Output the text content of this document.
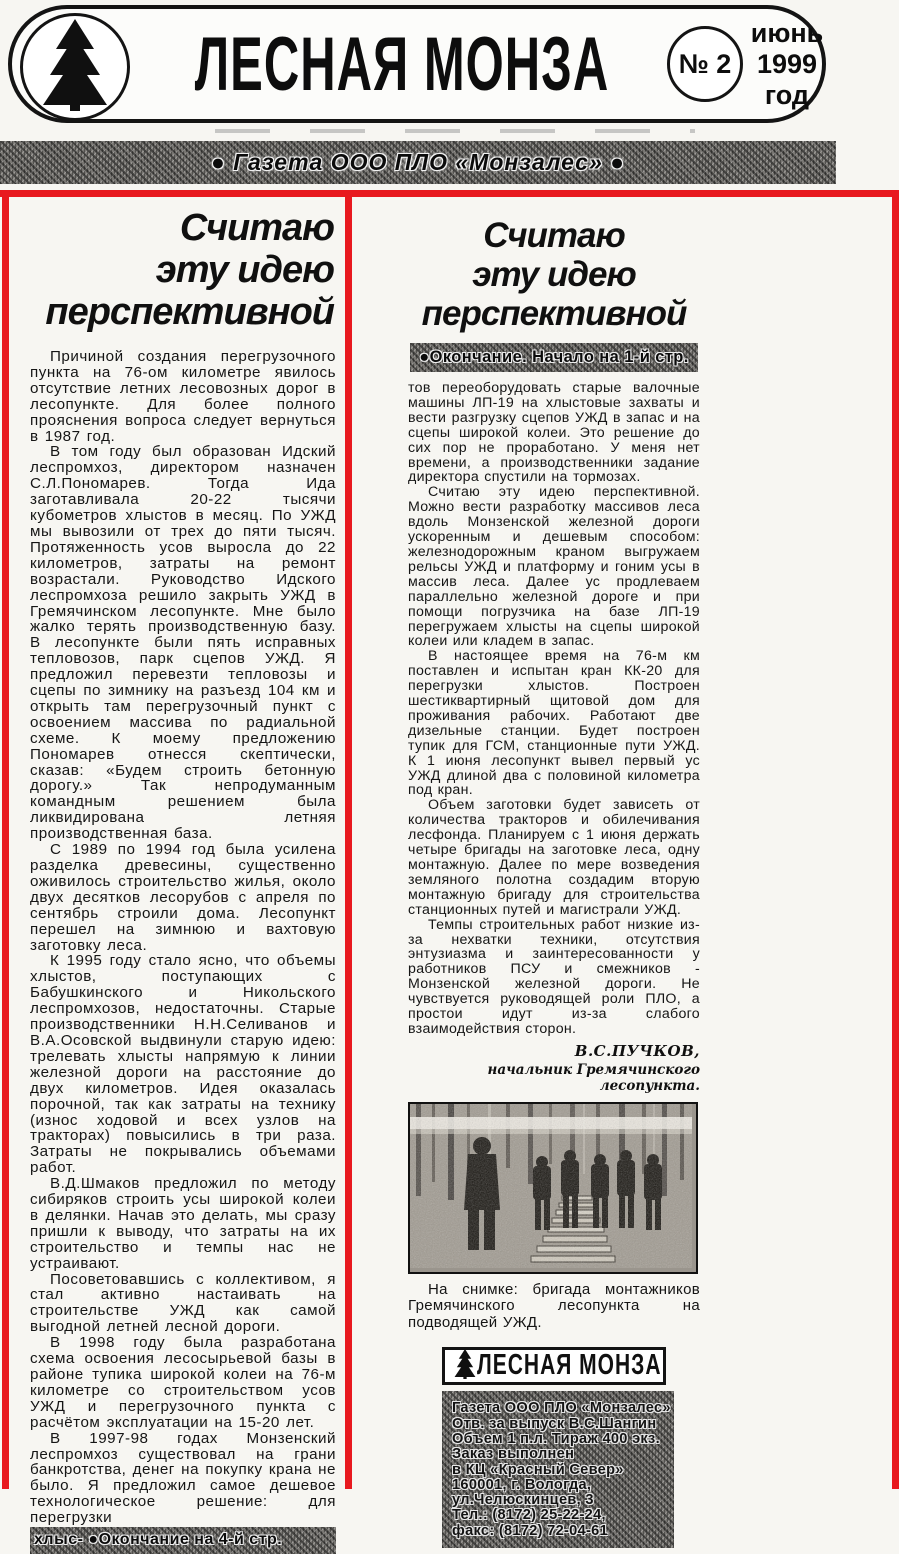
ЛЕСНАЯ МОНЗА	№ 2
июнь
1999
год
● Газета ООО ПЛО «Монзалес» ●
Считаю
эту идею
перспективной

Причиной создания перегрузочного пункта на 76-ом километре явилось отсутствие летних лесовозных дорог в лесопункте. Для более полного прояснения вопроса следует вернуться в 1987 год.

В том году был образован Идский леспромхоз, директором назначен С.Л.Пономарев. Тогда Ида заготавливала 20-22 тысячи кубометров хлыстов в месяц. По УЖД мы вывозили от трех до пяти тысяч. Протяженность усов выросла до 22 километров, затраты на ремонт возрастали. Руководство Идского леспромхоза решило закрыть УЖД в Гремячинском лесопункте. Мне было жалко терять производственную базу. В лесопункте были пять исправных тепловозов, парк сцепов УЖД. Я предложил перевезти тепловозы и сцепы по зимнику на разъезд 104 км и открыть там перегрузочный пункт с освоением массива по радиальной схеме. К моему предложению Пономарев отнесся скептически, сказав: «Будем строить бетонную дорогу.» Так непродуманным командным решением была ликвидирована летняя производственная база.

С 1989 по 1994 год была усилена разделка древесины, существенно оживилось строительство жилья, около двух десятков лесорубов с апреля по сентябрь строили дома. Лесопункт перешел на зимнюю и вахтовую заготовку леса.

К 1995 году стало ясно, что объемы хлыстов, поступающих с Бабушкинского и Никольского леспромхозов, недостаточны. Старые производственники Н.Н.Селиванов и В.А.Осовской выдвинули старую идею: трелевать хлысты напрямую к линии железной дороги на расстояние до двух километров. Идея оказалась порочной, так как затраты на технику (износ ходовой и всех узлов на тракторах) повысились в три раза. Затраты не покрывались объемами работ.

В.Д.Шмаков предложил по методу сибиряков строить усы широкой колеи в делянки. Начав это делать, мы сразу пришли к выводу, что затраты на их строительство и темпы нас не устраивают.

Посоветовавшись с коллективом, я стал активно настаивать на строительстве УЖД как самой выгодной летней лесной дороги.

В 1998 году была разработана схема освоения лесосырьевой базы в районе тупика широкой колеи на 76-м километре со строительством усов УЖД и перегрузочного пункта с расчётом эксплуатации на 15-20 лет.

В 1997-98 годах Монзенский леспромхоз существовал на грани банкротства, денег на покупку крана не было. Я предложил самое дешевое технологическое решение: для перегрузки

хлыс- ●Окончание на 4-й стр.
Считаю
эту идею
перспективной
●Окончание. Начало на 1-й стр.

тов переоборудовать старые валочные машины ЛП-19 на хлыстовые захваты и вести разгрузку сцепов УЖД в запас и на сцепы широкой колеи. Это решение до сих пор не проработано. У меня нет времени, а производственники задание директора спустили на тормозах.

Считаю эту идею перспективной. Можно вести разработку массивов леса вдоль Монзенской железной дороги ускоренным и дешевым способом: железнодорожным краном выгружаем рельсы УЖД и платформу и гоним усы в массив леса. Далее ус продлеваем параллельно железной дороге и при помощи погрузчика на базе ЛП-19 перегружаем хлысты на сцепы широкой колеи или кладем в запас.

В настоящее время на 76-м км поставлен и испытан кран КК-20 для перегрузки хлыстов. Построен шестиквартирный щитовой дом для проживания рабочих. Работают две дизельные станции. Будет построен тупик для ГСМ, станционные пути УЖД. К 1 июня лесопункт вывел первый ус УЖД длиной два с половиной километра под кран.

Объем заготовки будет зависеть от количества тракторов и обилечивания лесфонда. Планируем с 1 июня держать четыре бригады на заготовке леса, одну монтажную. Далее по мере возведения земляного полотна создадим вторую монтажную бригаду для строительства станционных путей и магистрали УЖД.

Темпы строительных работ низкие из-за нехватки техники, отсутствия энтузиазма и заинтересованности у работников ПСУ и смежников - Монзенской железной дороги. Не чувствуется руководящей роли ПЛО, а простои идут из-за слабого взаимодействия сторон.

В.С.ПУЧКОВ,
начальник Гремячинского лесопункта.

На снимке: бригада монтажников Гремячинского лесопункта на подводящей УЖД.

ЛЕСНАЯ МОНЗА
Газета ООО ПЛО «Монзалес»
Отв. за выпуск В.С.Шангин
Объем 1 п.л. Тираж 400 экз.
Заказ выполнен
в КЦ «Красный Север»
160001, г. Вологда,
ул.Челюскинцев, 3
Тел.: (8172) 25-22-24,
факс: (8172) 72-04-61
